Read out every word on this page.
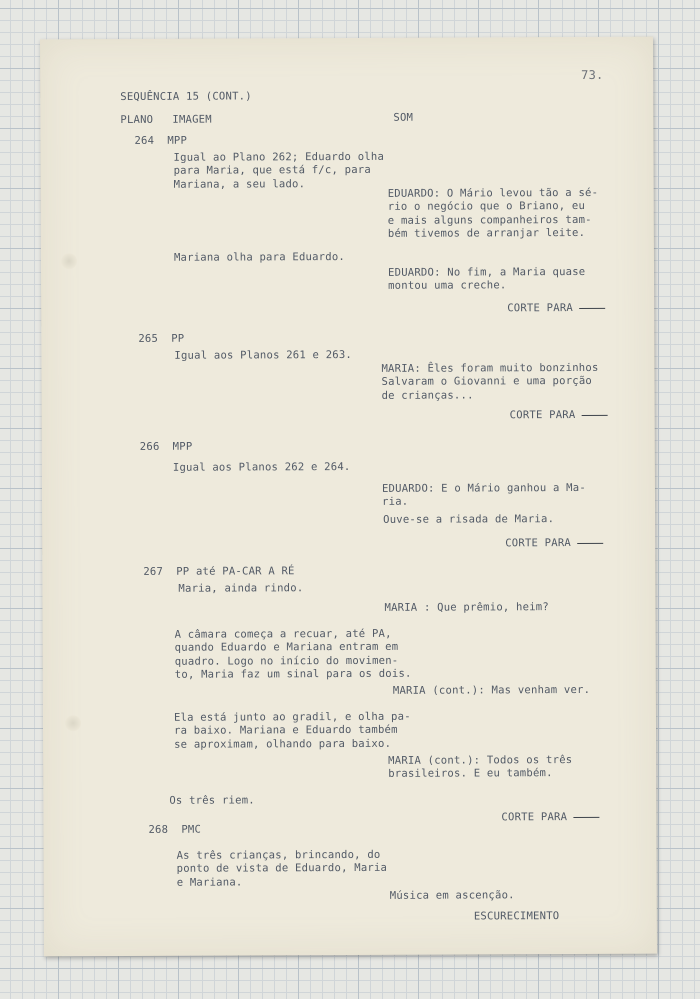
73.
SEQUÊNCIA 15 (CONT.)
PLANO IMAGEM	SOM
264  MPP
Igual ao Plano 262; Eduardo olha
para Maria, que está f/c, para
Mariana, a seu lado.
EDUARDO: O Mário levou tão a sé-
rio o negócio que o Briano, eu
e mais alguns companheiros tam-
bém tivemos de arranjar leite.
Mariana olha para Eduardo.
EDUARDO: No fim, a Maria quase
montou uma creche.
CORTE PARA
265  PP
Igual aos Planos 261 e 263.
MARIA: Êles foram muito bonzinhos
Salvaram o Giovanni e uma porção
de crianças...
CORTE PARA
266  MPP
Igual aos Planos 262 e 264.
EDUARDO: E o Mário ganhou a Ma-
ria.
Ouve-se a risada de Maria.
CORTE PARA
267  PP até PA-CAR A RÉ
Maria, ainda rindo.
MARIA : Que prêmio, heim?
A câmara começa a recuar, até PA,
quando Eduardo e Mariana entram em
quadro. Logo no início do movimen-
to, Maria faz um sinal para os dois.
MARIA (cont.): Mas venham ver.
Ela está junto ao gradil, e olha pa-
ra baixo. Mariana e Eduardo também
se aproximam, olhando para baixo.
MARIA (cont.): Todos os três
brasileiros. E eu também.
Os três riem.
CORTE PARA
268  PMC
As três crianças, brincando, do
ponto de vista de Eduardo, Maria
e Mariana.
Música em ascenção.
ESCURECIMENTO
